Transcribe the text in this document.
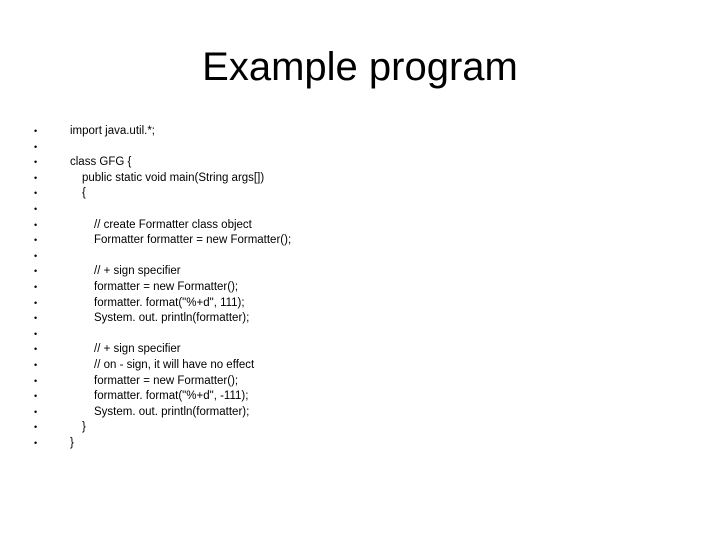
Example program
•	import java.util.*;
•
•	class GFG {
•	public static void main(String args[])
•	{
•
•	// create Formatter class object
•	Formatter formatter = new Formatter();
•
•	// + sign specifier
•	formatter = new Formatter();
•	formatter. format("%+d", 111);
•	System. out. println(formatter);
•
•	// + sign specifier
•	// on - sign, it will have no effect
•	formatter = new Formatter();
•	formatter. format("%+d", -111);
•	System. out. println(formatter);
•	}
•	}
